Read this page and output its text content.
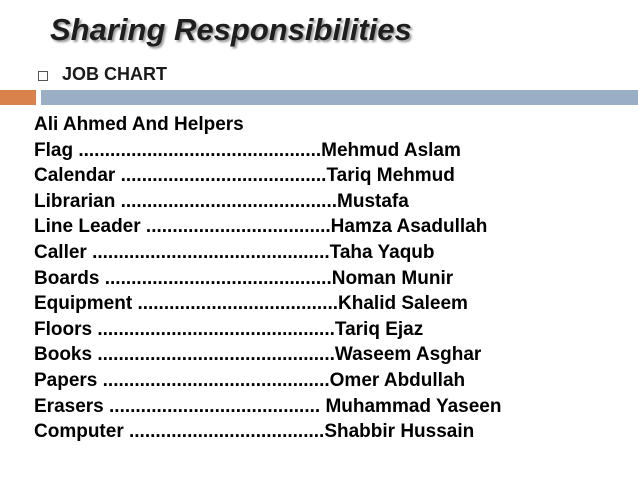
Sharing Responsibilities
JOB CHART
Ali Ahmed And Helpers
Flag ..............................................Mehmud Aslam
Calendar .......................................Tariq Mehmud
Librarian .........................................Mustafa
Line Leader ...................................Hamza Asadullah
Caller .............................................Taha Yaqub
Boards ...........................................Noman Munir
Equipment ......................................Khalid Saleem
Floors .............................................Tariq Ejaz
Books .............................................Waseem Asghar
Papers ...........................................Omer Abdullah
Erasers ........................................ Muhammad Yaseen
Computer .....................................Shabbir Hussain
